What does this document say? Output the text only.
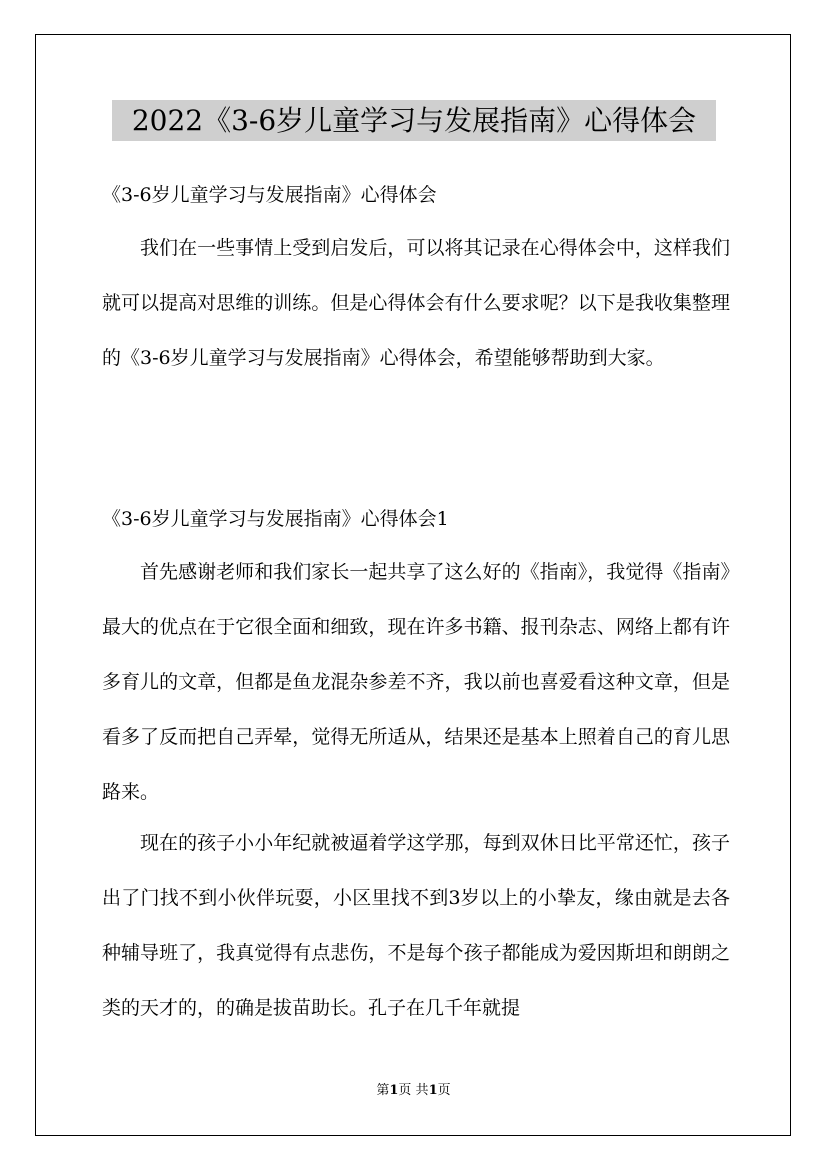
2022《3-6岁儿童学习与发展指南》心得体会

《3-6岁儿童学习与发展指南》心得体会

我们在一些事情上受到启发后，可以将其记录在心得体会中，这样我们就可以提高对思维的训练。但是心得体会有什么要求呢？以下是我收集整理的《3-6岁儿童学习与发展指南》心得体会，希望能够帮助到大家。

《3-6岁儿童学习与发展指南》心得体会1

首先感谢老师和我们家长一起共享了这么好的《指南》，我觉得《指南》最大的优点在于它很全面和细致，现在许多书籍、报刊杂志、网络上都有许多育儿的文章，但都是鱼龙混杂参差不齐，我以前也喜爱看这种文章，但是看多了反而把自己弄晕，觉得无所适从，结果还是基本上照着自己的育儿思路来。

现在的孩子小小年纪就被逼着学这学那，每到双休日比平常还忙，孩子出了门找不到小伙伴玩耍，小区里找不到3岁以上的小挚友，缘由就是去各种辅导班了，我真觉得有点悲伤，不是每个孩子都能成为爱因斯坦和朗朗之类的天才的，的确是拔苗助长。孔子在几千年就提

第1页 共1页
